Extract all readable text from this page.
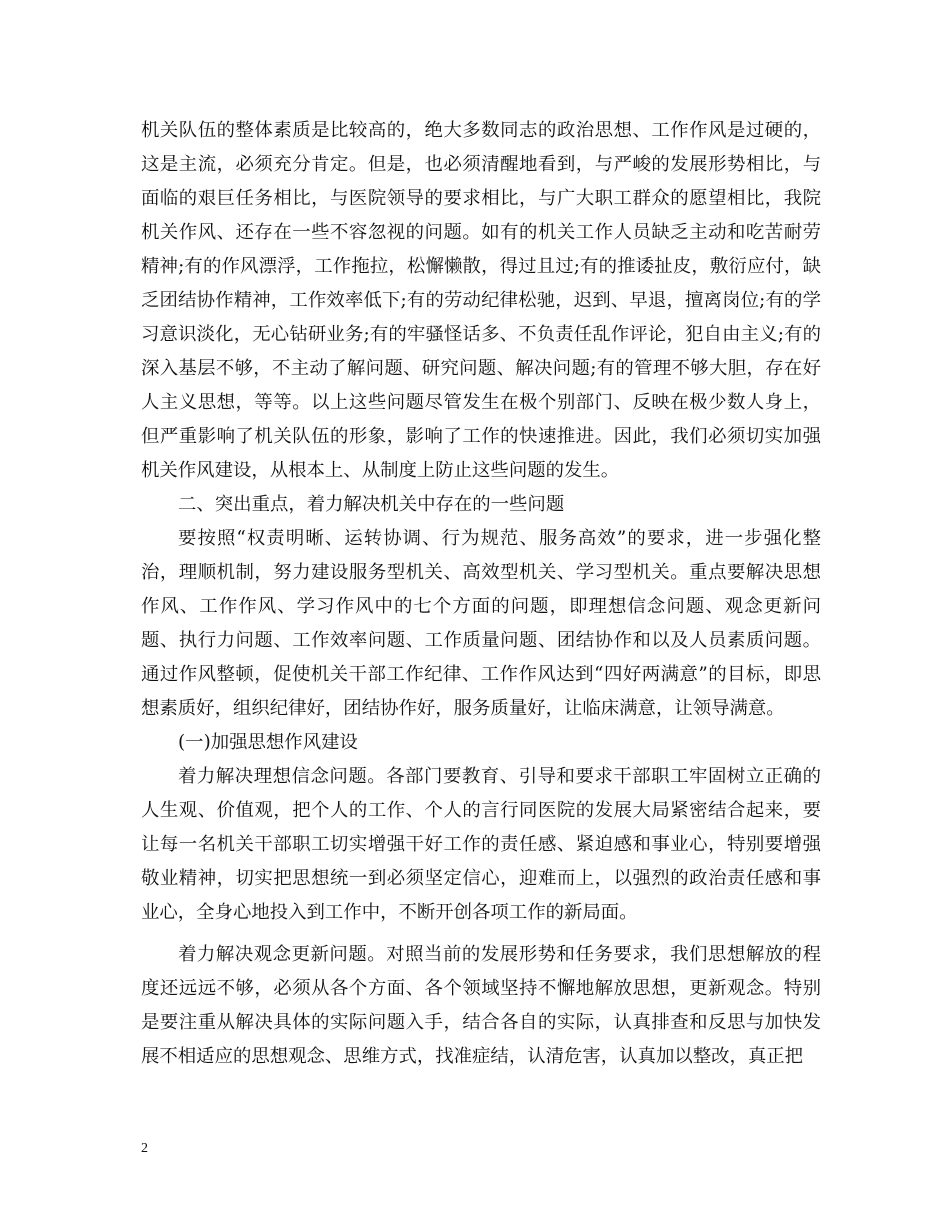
机关队伍的整体素质是比较高的，绝大多数同志的政治思想、工作作风是过硬的，这是主流，必须充分肯定。但是，也必须清醒地看到，与严峻的发展形势相比，与面临的艰巨任务相比，与医院领导的要求相比，与广大职工群众的愿望相比，我院机关作风、还存在一些不容忽视的问题。如有的机关工作人员缺乏主动和吃苦耐劳精神;有的作风漂浮，工作拖拉，松懈懒散，得过且过;有的推诿扯皮，敷衍应付，缺乏团结协作精神，工作效率低下;有的劳动纪律松驰，迟到、早退，擅离岗位;有的学习意识淡化，无心钻研业务;有的牢骚怪话多、不负责任乱作评论，犯自由主义;有的深入基层不够，不主动了解问题、研究问题、解决问题;有的管理不够大胆，存在好人主义思想，等等。以上这些问题尽管发生在极个别部门、反映在极少数人身上，但严重影响了机关队伍的形象，影响了工作的快速推进。因此，我们必须切实加强机关作风建设，从根本上、从制度上防止这些问题的发生。

二、突出重点，着力解决机关中存在的一些问题

要按照“权责明晰、运转协调、行为规范、服务高效”的要求，进一步强化整治，理顺机制，努力建设服务型机关、高效型机关、学习型机关。重点要解决思想作风、工作作风、学习作风中的七个方面的问题，即理想信念问题、观念更新问题、执行力问题、工作效率问题、工作质量问题、团结协作和以及人员素质问题。通过作风整顿，促使机关干部工作纪律、工作作风达到“四好两满意”的目标，即思想素质好，组织纪律好，团结协作好，服务质量好，让临床满意，让领导满意。

(一)加强思想作风建设

着力解决理想信念问题。各部门要教育、引导和要求干部职工牢固树立正确的人生观、价值观，把个人的工作、个人的言行同医院的发展大局紧密结合起来，要让每一名机关干部职工切实增强干好工作的责任感、紧迫感和事业心，特别要增强敬业精神，切实把思想统一到必须坚定信心，迎难而上，以强烈的政治责任感和事业心，全身心地投入到工作中，不断开创各项工作的新局面。

着力解决观念更新问题。对照当前的发展形势和任务要求，我们思想解放的程度还远远不够，必须从各个方面、各个领域坚持不懈地解放思想，更新观念。特别是要注重从解决具体的实际问题入手，结合各自的实际，认真排查和反思与加快发展不相适应的思想观念、思维方式，找准症结，认清危害，认真加以整改，真正把

2
